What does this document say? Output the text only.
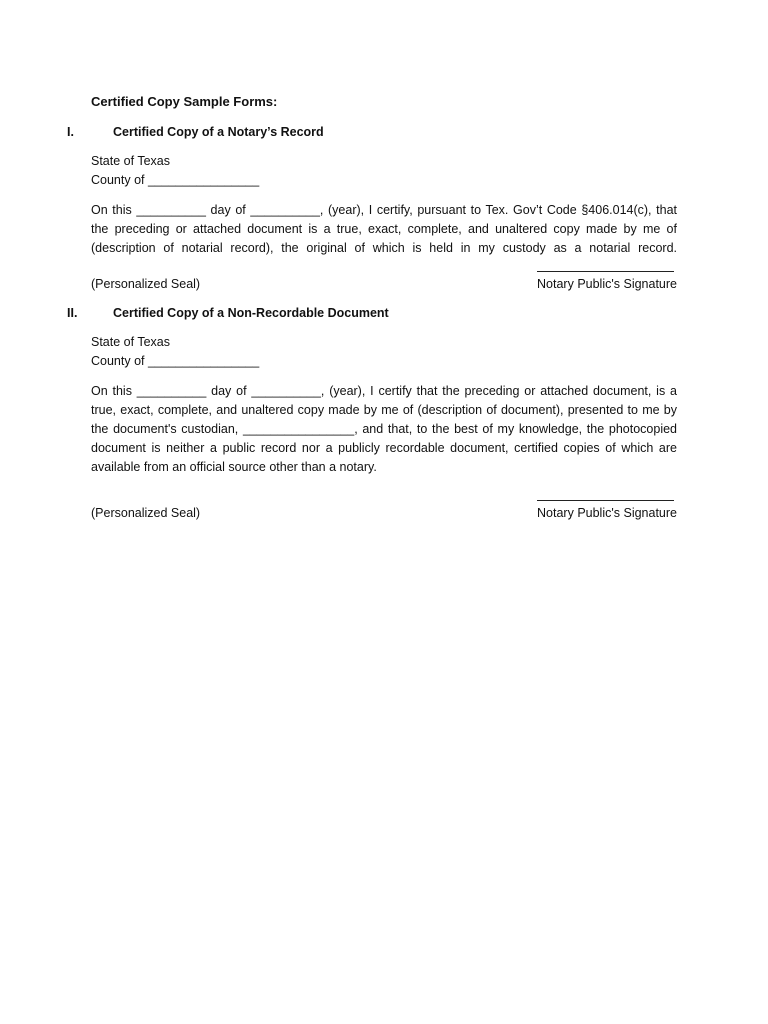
Certified Copy Sample Forms:
I.	Certified Copy of a Notary’s Record
State of Texas
County of ________________
On this __________ day of __________, (year), I certify, pursuant to Tex. Gov’t Code §406.014(c), that the preceding or attached document is a true, exact, complete, and unaltered copy made by me of (description of notarial record), the original of which is held in my custody as a notarial record.
(Personalized Seal)	Notary Public's Signature
II.	Certified Copy of a Non-Recordable Document
State of Texas
County of ________________
On this __________ day of __________, (year), I certify that the preceding or attached document, is a true, exact, complete, and unaltered copy made by me of (description of document), presented to me by the document's custodian, ________________, and that, to the best of my knowledge, the photocopied document is neither a public record nor a publicly recordable document, certified copies of which are available from an official source other than a notary.
(Personalized Seal)	Notary Public's Signature
